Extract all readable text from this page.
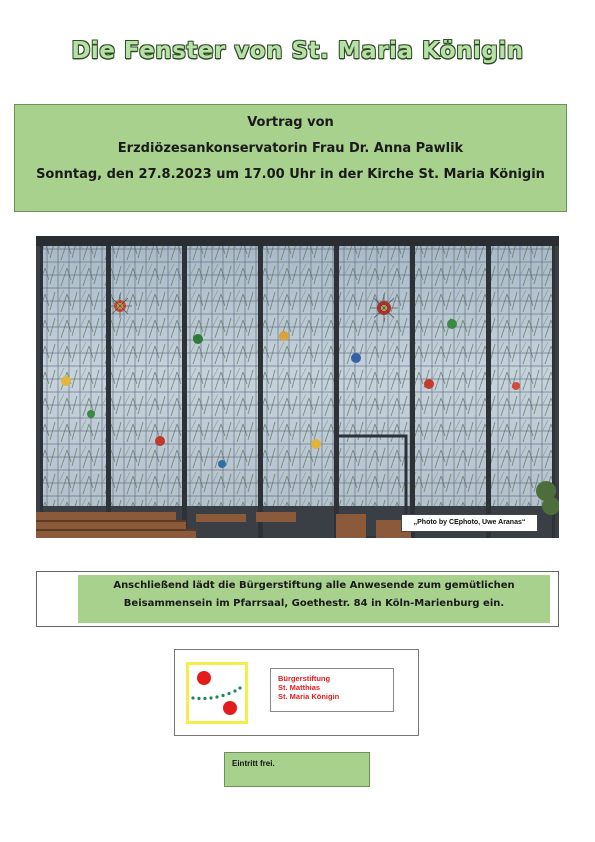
Die Fenster von St. Maria Königin
Vortrag von
Erzdiözesankonservatorin Frau Dr. Anna Pawlik
Sonntag, den 27.8.2023 um 17.00 Uhr in der Kirche St. Maria Königin
„Photo by CEphoto, Uwe Aranas“
Anschließend lädt die Bürgerstiftung alle Anwesende zum gemütlichen Beisammensein im Pfarrsaal, Goethestr. 84 in Köln-Marienburg ein.
Bürgerstiftung
St. Matthias
St. Maria Königin
Eintritt frei.
